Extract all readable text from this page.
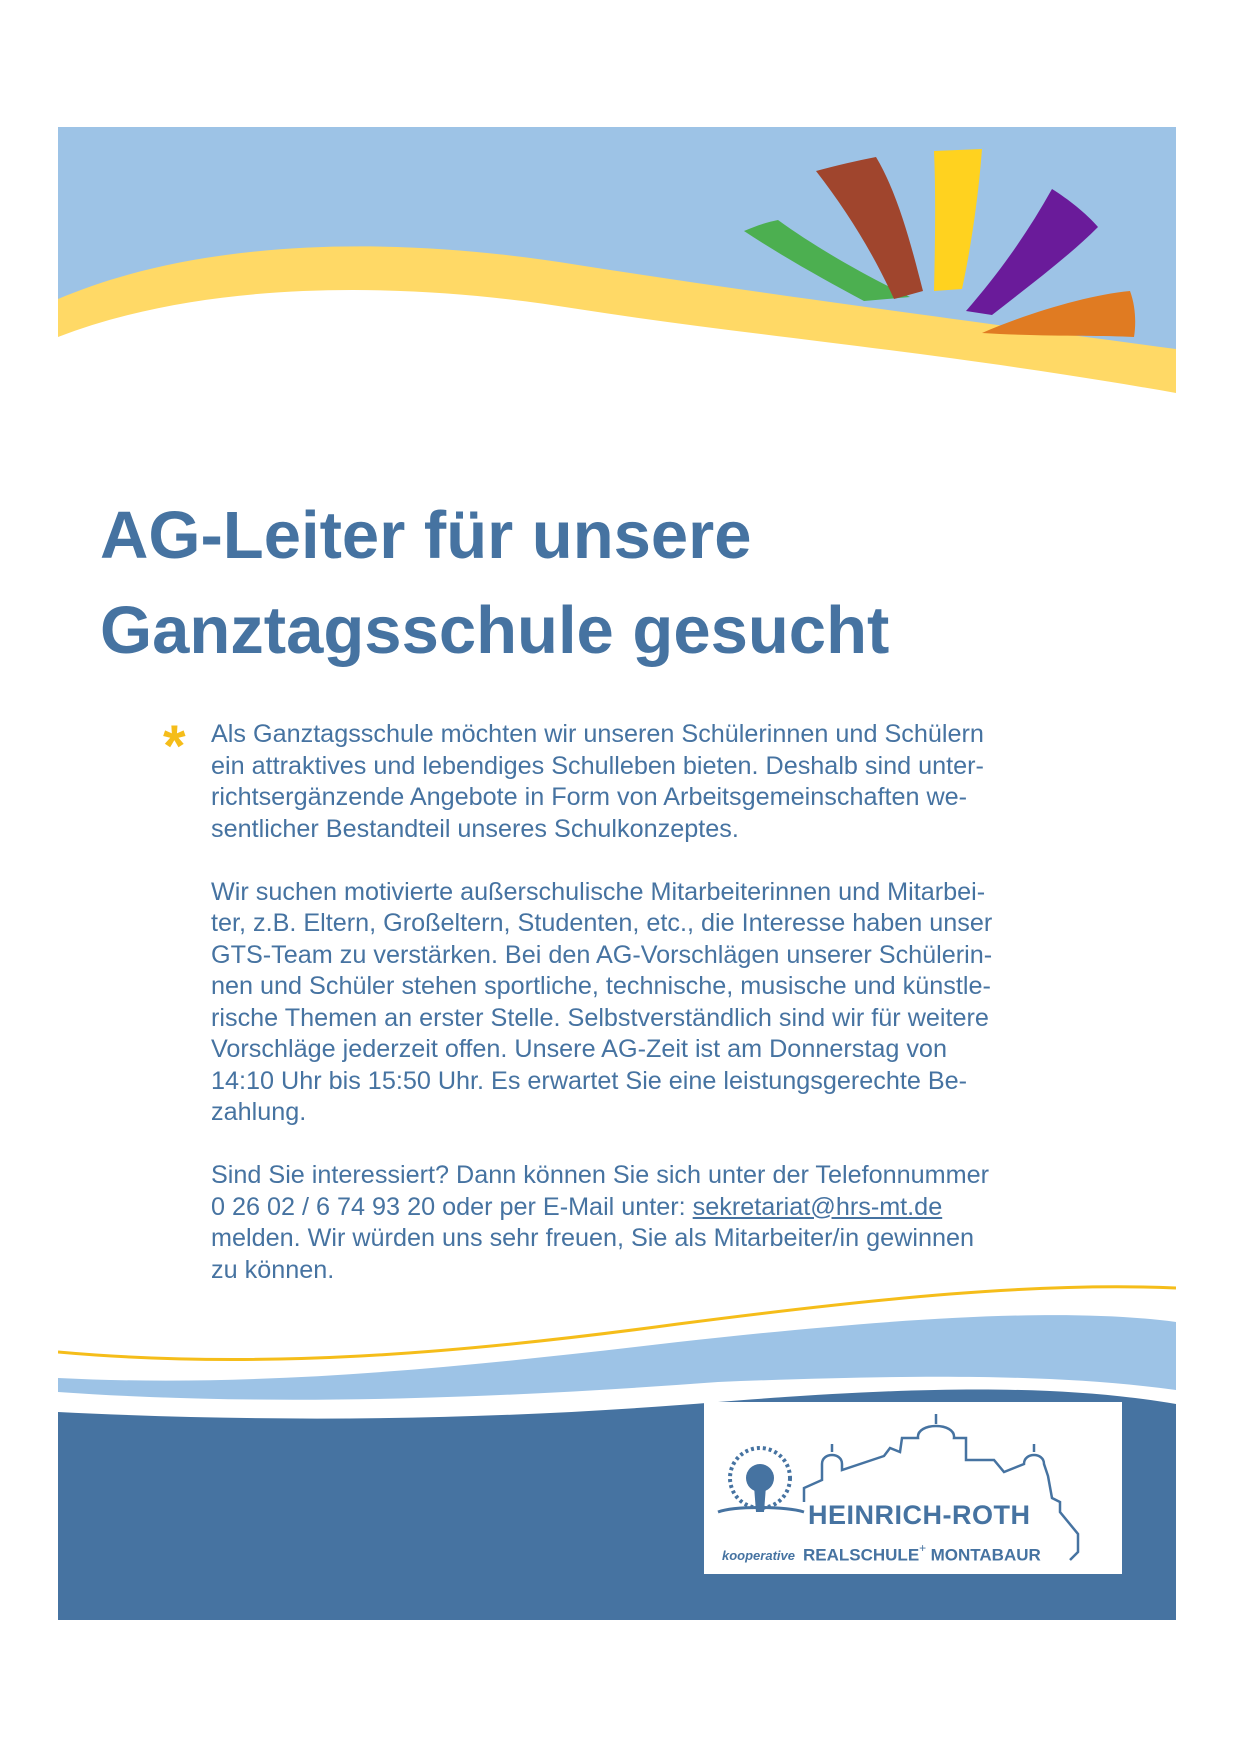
AG-Leiter für unsere
Ganztagsschule gesucht
* Als Ganztagsschule möchten wir unseren Schülerinnen und Schülern
ein attraktives und lebendiges Schulleben bieten. Deshalb sind unter-
richtsergänzende Angebote in Form von Arbeitsgemeinschaften we-
sentlicher Bestandteil unseres Schulkonzeptes.

Wir suchen motivierte außerschulische Mitarbeiterinnen und Mitarbei-
ter, z.B. Eltern, Großeltern, Studenten, etc., die Interesse haben unser
GTS-Team zu verstärken. Bei den AG-Vorschlägen unserer Schülerin-
nen und Schüler stehen sportliche, technische, musische und künstle-
rische Themen an erster Stelle. Selbstverständlich sind wir für weitere
Vorschläge jederzeit offen. Unsere AG-Zeit ist am Donnerstag von
14:10 Uhr bis 15:50 Uhr. Es erwartet Sie eine leistungsgerechte Be-
zahlung.

Sind Sie interessiert? Dann können Sie sich unter der Telefonnummer
0 26 02 / 6 74 93 20 oder per E-Mail unter: sekretariat@hrs-mt.de
melden. Wir würden uns sehr freuen, Sie als Mitarbeiter/in gewinnen
zu können.

HEINRICH-ROTH
kooperative REALSCHULE+ MONTABAUR
